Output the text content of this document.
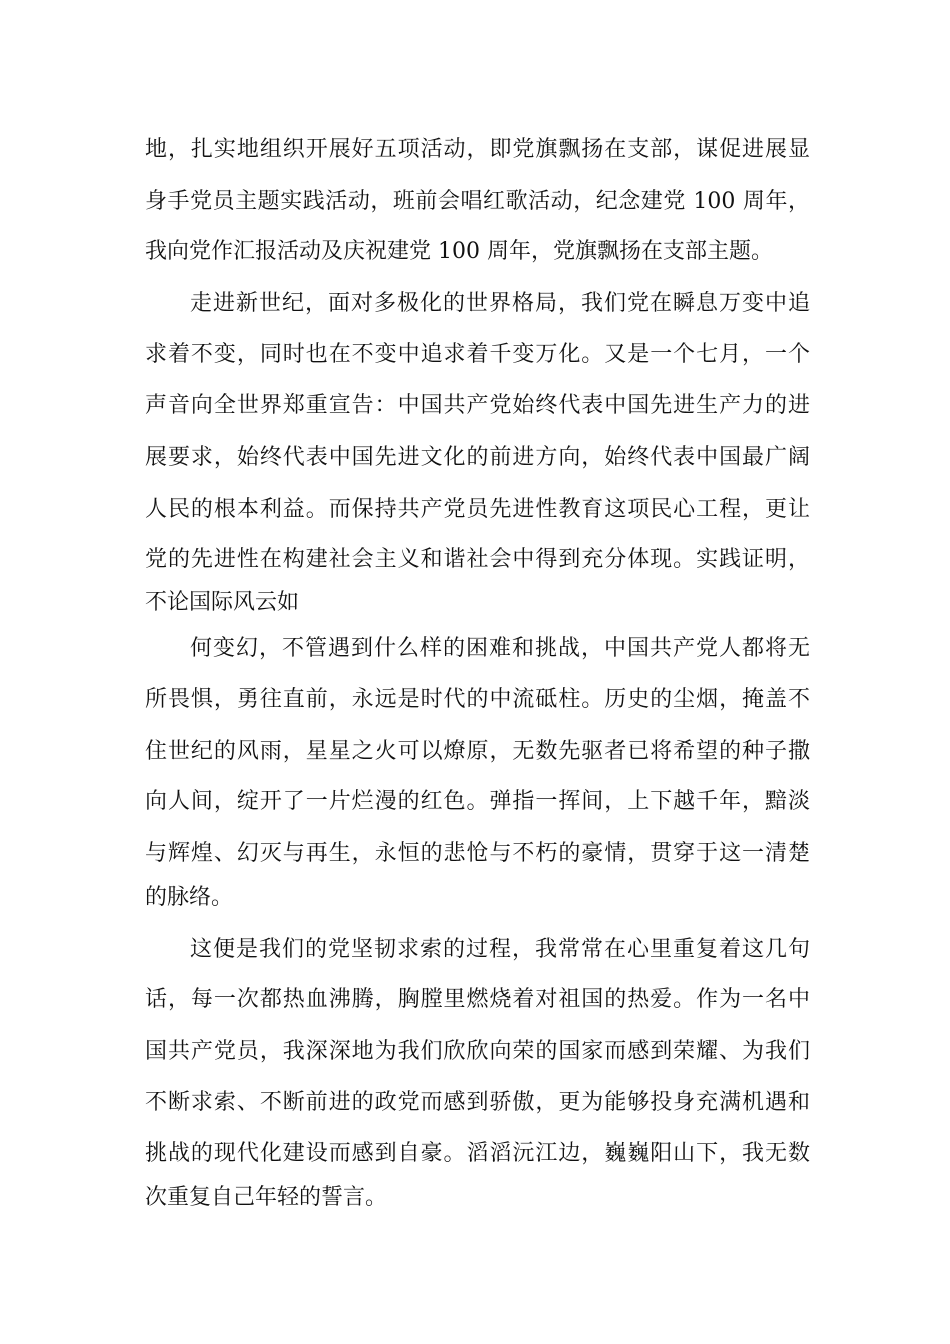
地，扎实地组织开展好五项活动，即党旗飘扬在支部，谋促进展显
身手党员主题实践活动，班前会唱红歌活动，纪念建党 100 周年，
我向党作汇报活动及庆祝建党 100 周年，党旗飘扬在支部主题。
走进新世纪，面对多极化的世界格局，我们党在瞬息万变中追
求着不变，同时也在不变中追求着千变万化。又是一个七月，一个
声音向全世界郑重宣告：中国共产党始终代表中国先进生产力的进
展要求，始终代表中国先进文化的前进方向，始终代表中国最广阔
人民的根本利益。而保持共产党员先进性教育这项民心工程，更让
党的先进性在构建社会主义和谐社会中得到充分体现。实践证明，
不论国际风云如
何变幻，不管遇到什么样的困难和挑战，中国共产党人都将无
所畏惧，勇往直前，永远是时代的中流砥柱。历史的尘烟，掩盖不
住世纪的风雨，星星之火可以燎原，无数先驱者已将希望的种子撒
向人间，绽开了一片烂漫的红色。弹指一挥间，上下越千年，黯淡
与辉煌、幻灭与再生，永恒的悲怆与不朽的豪情，贯穿于这一清楚
的脉络。
这便是我们的党坚韧求索的过程，我常常在心里重复着这几句
话，每一次都热血沸腾，胸膛里燃烧着对祖国的热爱。作为一名中
国共产党员，我深深地为我们欣欣向荣的国家而感到荣耀、为我们
不断求索、不断前进的政党而感到骄傲，更为能够投身充满机遇和
挑战的现代化建设而感到自豪。滔滔沅江边，巍巍阳山下，我无数
次重复自己年轻的誓言。
